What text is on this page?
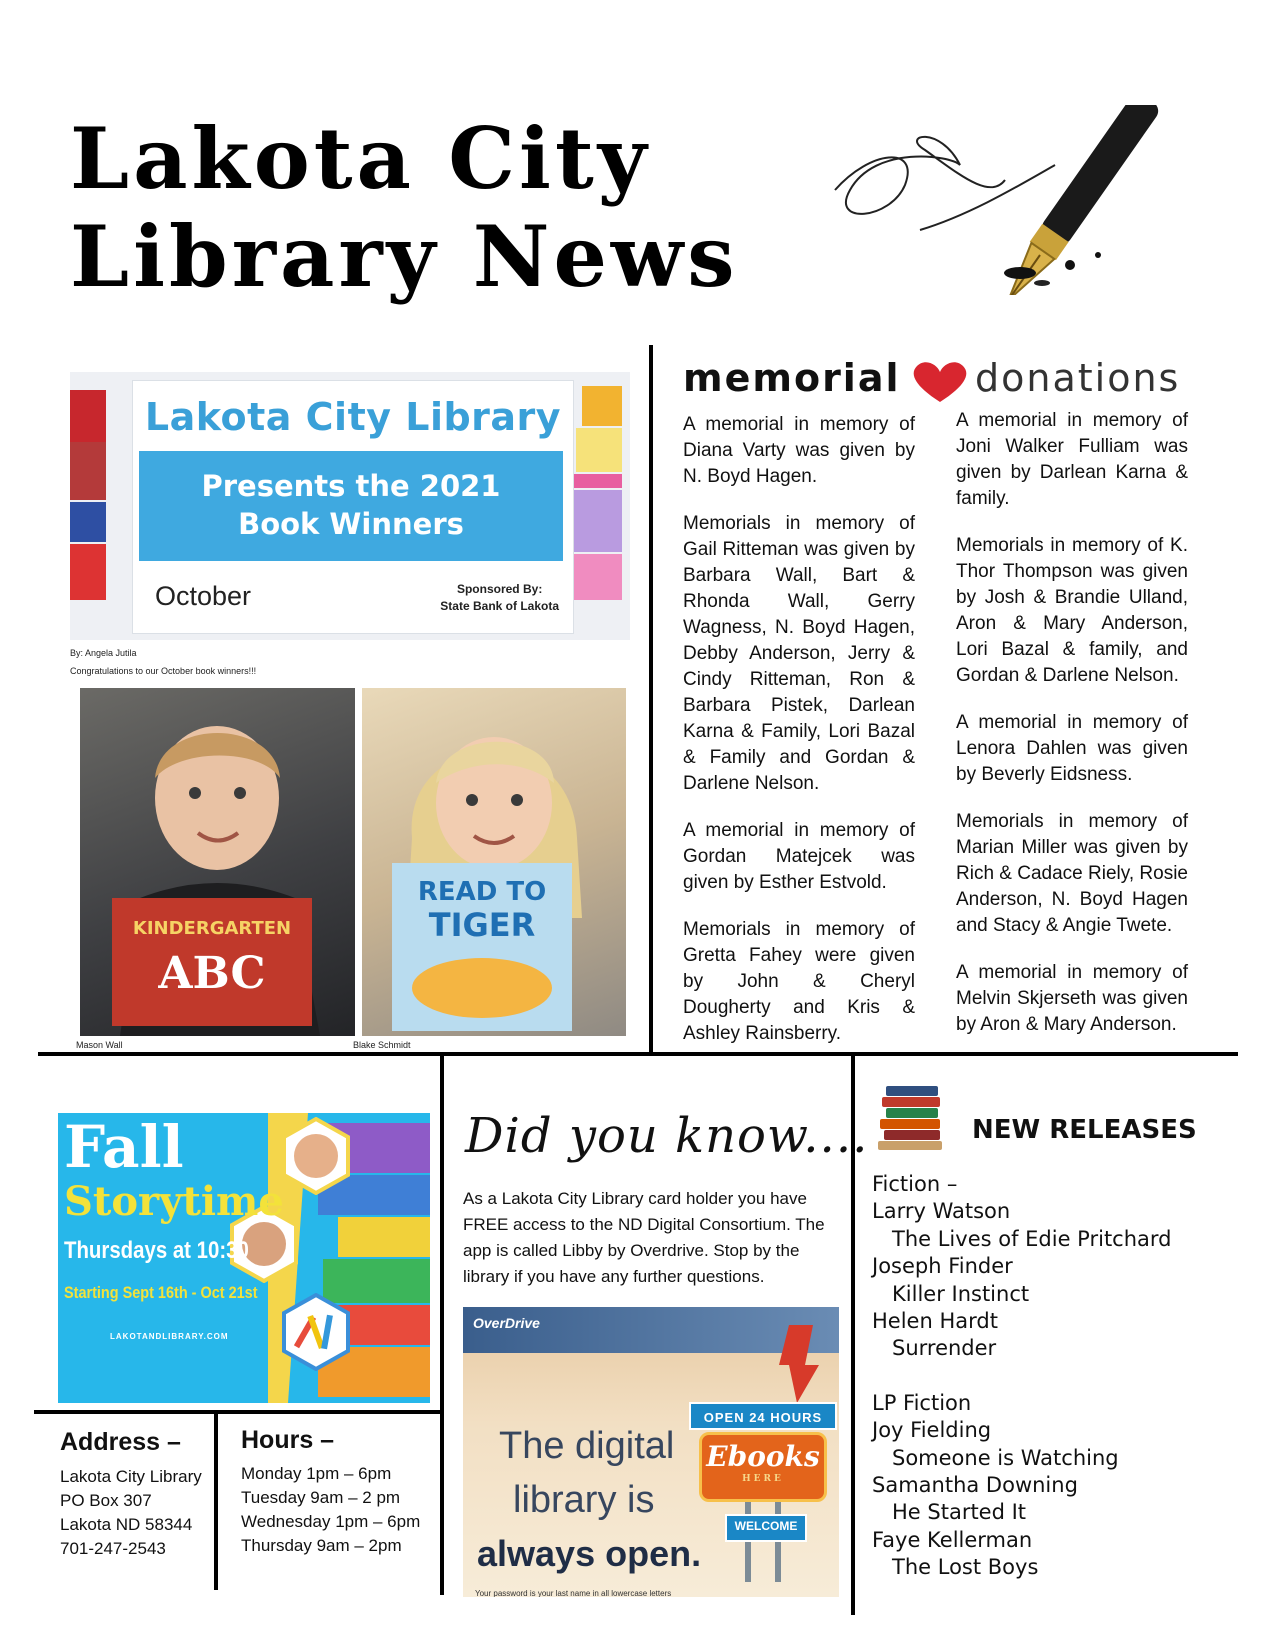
Lakota City
Library News
Lakota City Library
Presents the 2021
Book Winners
October	Sponsored By:
State Bank of Lakota
By: Angela Jutila
Congratulations to our October book winners!!!
KINDERGARTEN
ABC
READ TO
TIGER
Mason Wall	Blake Schmidt
memorial donations

A memorial in memory of Diana Varty was given by N. Boyd Hagen.

Memorials in memory of Gail Ritteman was given by Barbara Wall, Bart & Rhonda Wall, Gerry Wagness, N. Boyd Hagen, Debby Anderson, Jerry & Cindy Ritteman, Ron & Barbara Pistek, Darlean Karna & Family, Lori Bazal & Family and Gordan & Darlene Nelson.

A memorial in memory of Gordan Matejcek was given by Esther Estvold.

Memorials in memory of Gretta Fahey were given by John & Cheryl Dougherty and Kris & Ashley Rainsberry.

A memorial in memory of Joni Walker Fulliam was given by Darlean Karna & family.

Memorials in memory of K. Thor Thompson was given by Josh & Brandie Ulland, Aron & Mary Anderson, Lori Bazal & family, and Gordan & Darlene Nelson.

A memorial in memory of Lenora Dahlen was given by Beverly Eidsness.

Memorials in memory of Marian Miller was given by Rich & Cadace Riely, Rosie Anderson, N. Boyd Hagen and Stacy & Angie Twete.

A memorial in memory of Melvin Skjerseth was given by Aron & Mary Anderson.

Fall
Storytime
Thursdays at 10:30
Starting Sept 16th - Oct 21st
LAKOTANDLIBRARY.COM
Address –
Lakota City Library
PO Box 307
Lakota ND 58344
701-247-2543
Hours –
Monday 1pm – 6pm
Tuesday 9am – 2 pm
Wednesday 1pm – 6pm
Thursday 9am – 2pm
Did you know....
As a Lakota City Library card holder you have FREE access to the ND Digital Consortium. The app is called Libby by Overdrive. Stop by the library if you have any further questions.
OverDrive
The digital
library is
always open.
Your password is your last name in all lowercase letters
OPEN 24 HOURS
Ebooks
HERE
WELCOME
NEW RELEASES
Fiction –
Larry Watson
The Lives of Edie Pritchard
Joseph Finder
Killer Instinct
Helen Hardt
Surrender
LP Fiction
Joy Fielding
Someone is Watching
Samantha Downing
He Started It
Faye Kellerman
The Lost Boys
